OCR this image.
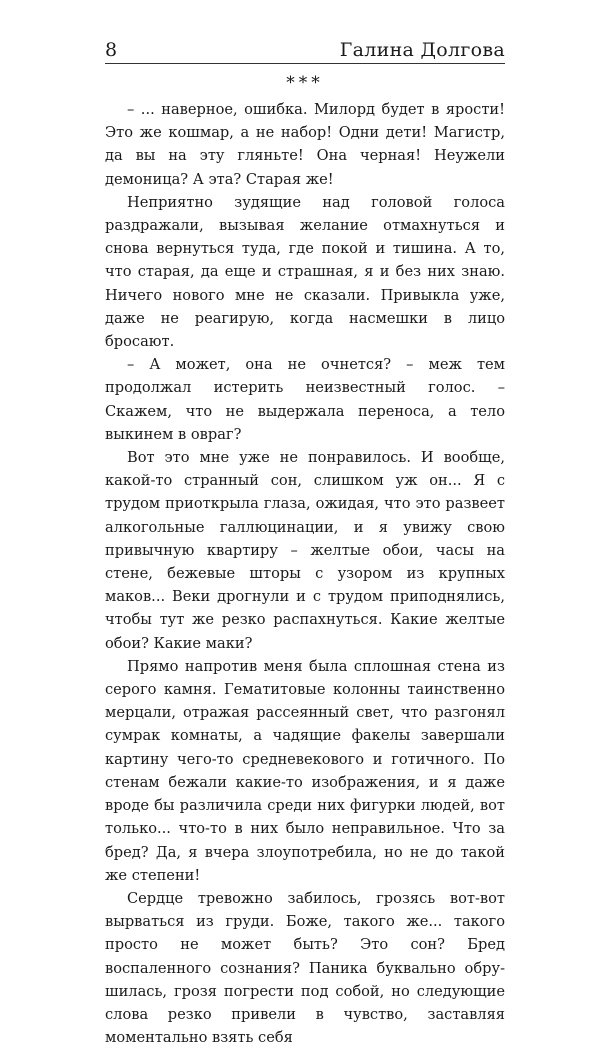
8	Галина Долгова
***

– ... наверное, ошибка. Милорд будет в ярости! Это же кошмар, а не набор! Одни дети! Магистр, да вы на эту гляньте! Она черная! Неужели демоница? А эта? Старая же!

Неприятно зудящие над головой голоса раздражали, вызывая желание отмахнуться и снова вернуться туда, где покой и тишина. А то, что старая, да еще и страшная, я и без них знаю. Ничего нового мне не сказали. Привыкла уже, даже не реагирую, когда насмешки в лицо бросают.

– А может, она не очнется? – меж тем продолжал истерить неизвестный голос. – Скажем, что не выдержала переноса, а тело выкинем в овраг?

Вот это мне уже не понравилось. И вообще, какой-то странный сон, слишком уж он... Я с трудом приоткрыла глаза, ожидая, что это развеет алкогольные галлюцинации, и я увижу свою привычную квартиру – желтые обои, часы на стене, бежевые шторы с узором из крупных маков... Веки дрогнули и с трудом приподнялись, чтобы тут же резко распахнуться. Какие желтые обои? Какие маки?

Прямо напротив меня была сплошная стена из серого камня. Гематитовые колонны таинственно мерцали, отражая рассеянный свет, что разгонял сумрак комнаты, а чадящие факелы завершали картину чего-то средневекового и готичного. По стенам бежали какие-то изображения, и я даже вроде бы различила среди них фигурки людей, вот только... что-то в них было неправильное. Что за бред? Да, я вчера злоупотребила, но не до такой же степени!

Сердце тревожно забилось, грозясь вот-вот вырваться из груди. Боже, такого же... такого просто не может быть? Это сон? Бред воспаленного сознания? Паника буквально обрушилась, грозя погрести под собой, но следующие слова резко привели в чувство, заставляя моментально взять себя
